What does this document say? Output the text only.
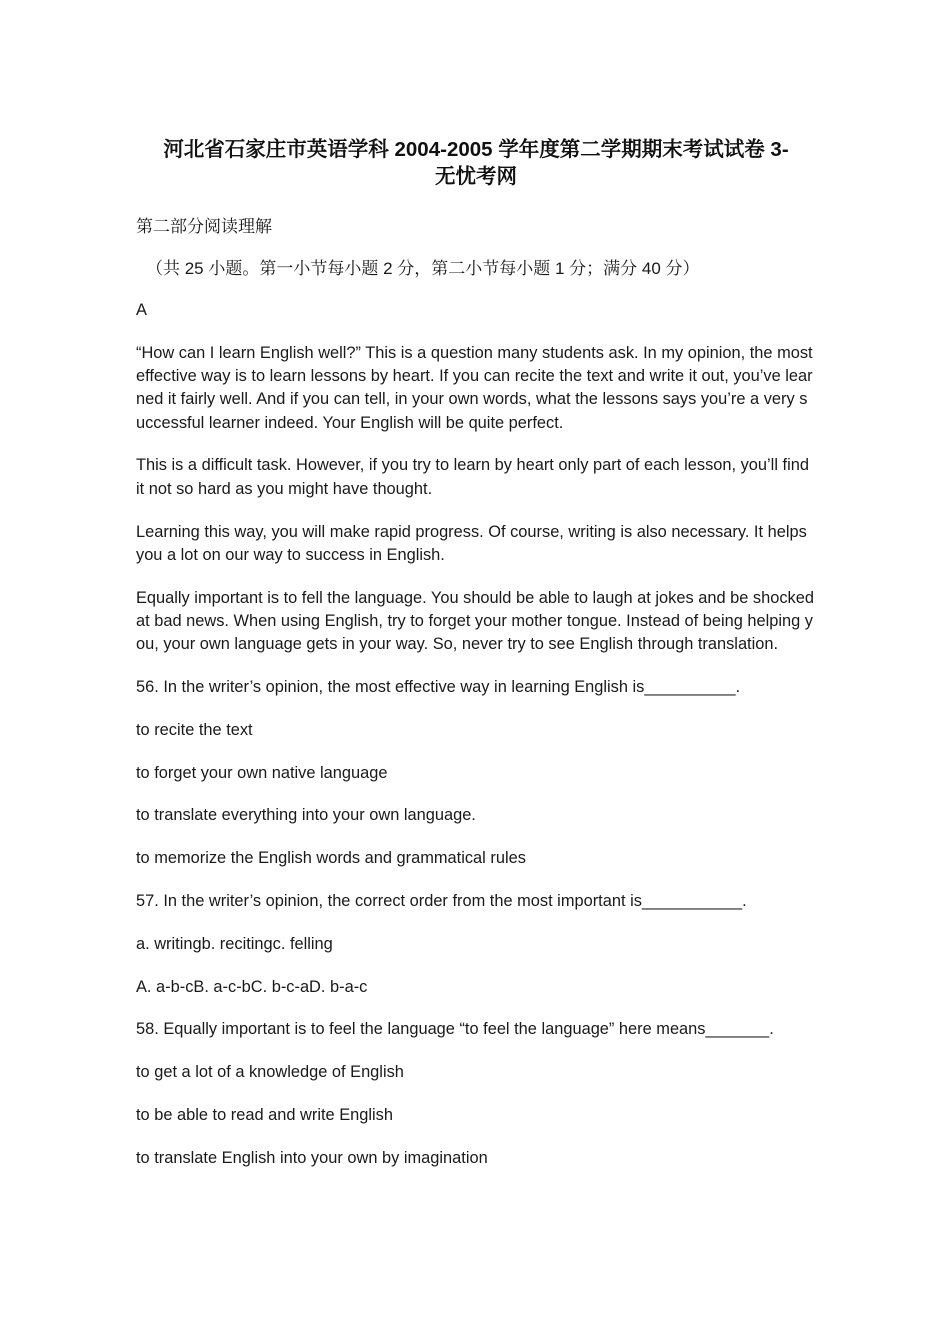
河北省石家庄市英语学科 2004-2005 学年度第二学期期末考试试卷 3-
无忧考网
第二部分阅读理解
（共 25 小题。第一小节每小题 2 分，第二小节每小题 1 分；满分 40 分）
A
“How can I learn English well?” This is a question many students ask. In my opinion, the most effective way is to learn lessons by heart. If you can recite the text and write it out, you’ve learned it fairly well. And if you can tell, in your own words, what the lessons says you’re a very successful learner indeed. Your English will be quite perfect.
This is a difficult task. However, if you try to learn by heart only part of each lesson, you’ll find it not so hard as you might have thought.
Learning this way, you will make rapid progress. Of course, writing is also necessary. It helps you a lot on our way to success in English.
Equally important is to fell the language. You should be able to laugh at jokes and be shocked at bad news. When using English, try to forget your mother tongue. Instead of being helping you, your own language gets in your way. So, never try to see English through translation.
56. In the writer’s opinion, the most effective way in learning English is__________.
to recite the text
to forget your own native language
to translate everything into your own language.
to memorize the English words and grammatical rules
57. In the writer’s opinion, the correct order from the most important is___________.
a. writingb. recitingc. felling
A. a-b-cB. a-c-bC. b-c-aD. b-a-c
58. Equally important is to feel the language “to feel the language” here means_______.
to get a lot of a knowledge of English
to be able to read and write English
to translate English into your own by imagination
